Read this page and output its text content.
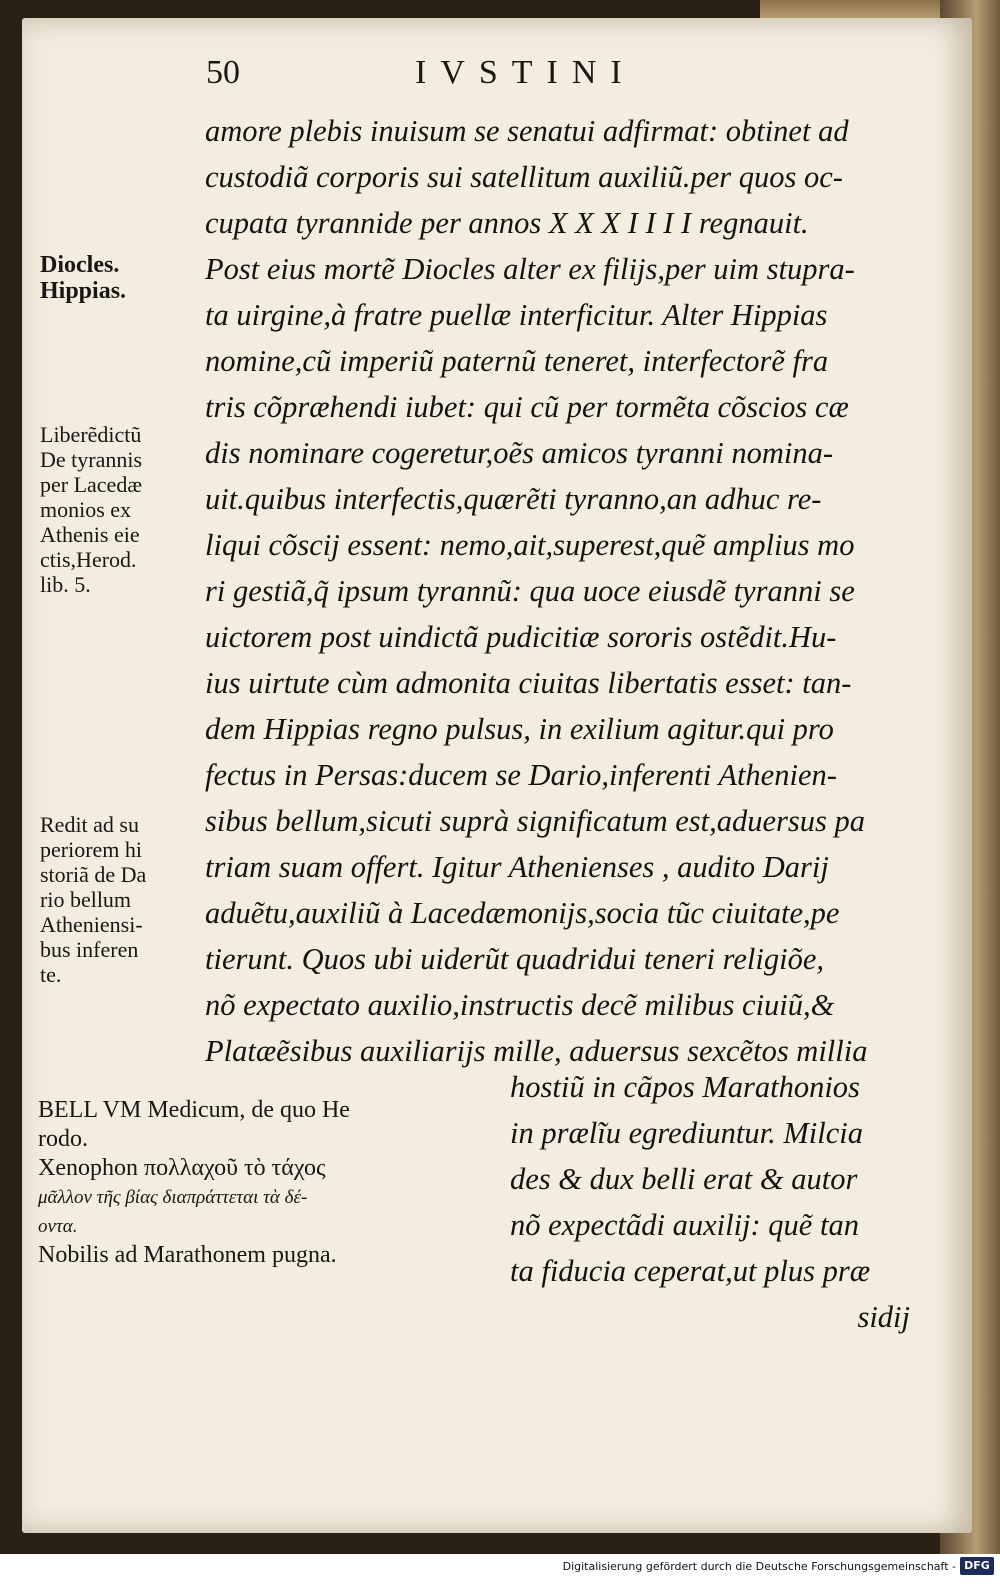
50	IVSTINI
amore plebis inuisum se senatui adfirmat: obtinet ad
custodiã corporis sui satellitum auxiliũ.per quos oc-
cupata tyrannide per annos X X X I I I I regnauit.
Post eius mortẽ Diocles alter ex filijs,per uim stupra-
ta uirgine,à fratre puellæ interficitur. Alter Hippias
nomine,cũ imperiũ paternũ teneret, interfectorẽ fra
tris cõpræhendi iubet: qui cũ per tormẽta cõscios cæ
dis nominare cogeretur,oẽs amicos tyranni nomina-
uit.quibus interfectis,quærẽti tyranno,an adhuc re-
liqui cõscij essent: nemo,ait,superest,quẽ amplius mo
ri gestiã,q̃ ipsum tyrannũ: qua uoce eiusdẽ tyranni se
uictorem post uindictã pudicitiæ sororis ostẽdit.Hu-
ius uirtute cùm admonita ciuitas libertatis esset: tan-
dem Hippias regno pulsus, in exilium agitur.qui pro
fectus in Persas:ducem se Dario,inferenti Athenien-
sibus bellum,sicuti suprà significatum est,aduersus pa
triam suam offert. Igitur Athenienses , audito Darij
aduẽtu,auxiliũ à Lacedæmonijs,socia tũc ciuitate,pe
tierunt. Quos ubi uiderũt quadridui teneri religiõe,
nõ expectato auxilio,instructis decẽ milibus ciuiũ,&
Platæẽsibus auxiliarijs mille, aduersus sexcẽtos millia
hostiũ in cãpos Marathonios
in prælĩu egrediuntur. Milcia
des & dux belli erat & autor
nõ expectãdi auxilij: quẽ tan
ta fiducia ceperat,ut plus præ
sidij
Diocles.
Hippias.
Liberẽdictũ
De tyrannis
per Lacedæ
monios ex
Athenis eie
ctis,Herod.
lib. 5.
Redit ad su
periorem hi
storiã de Da
rio bellum
Atheniensi-
bus inferen
te.
BELL VM Medicum, de quo He
rodo.
Xenophon πολλαχοῦ τὸ τάχος
μᾶλλον τῆς βίας διαπράττεται τὰ δέ-
οντα.
Nobilis ad Marathonem pugna.
Digitalisierung gefördert durch die Deutsche Forschungsgemeinschaft - DFG
